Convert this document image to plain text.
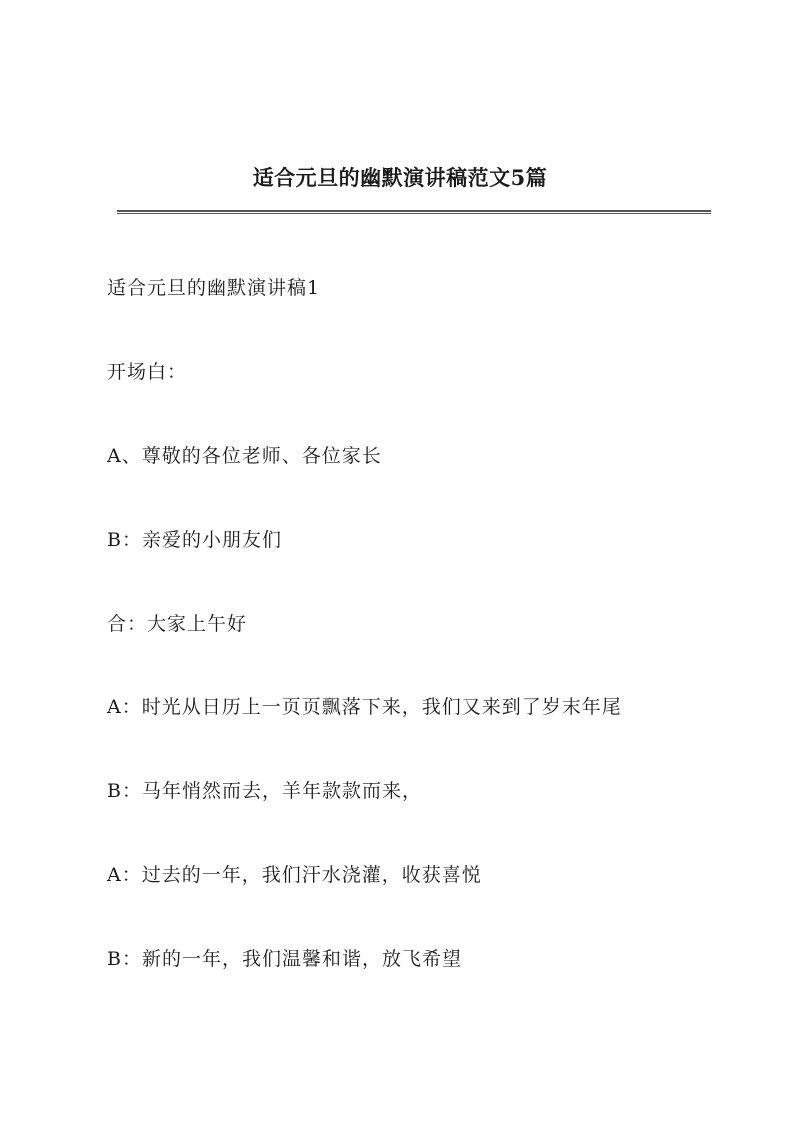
适合元旦的幽默演讲稿范文5篇

适合元旦的幽默演讲稿1

开场白：

A、尊敬的各位老师、各位家长

B：亲爱的小朋友们

合：大家上午好

A：时光从日历上一页页飘落下来，我们又来到了岁末年尾

B：马年悄然而去，羊年款款而来，

A：过去的一年，我们汗水浇灌，收获喜悦

B：新的一年，我们温馨和谐，放飞希望
